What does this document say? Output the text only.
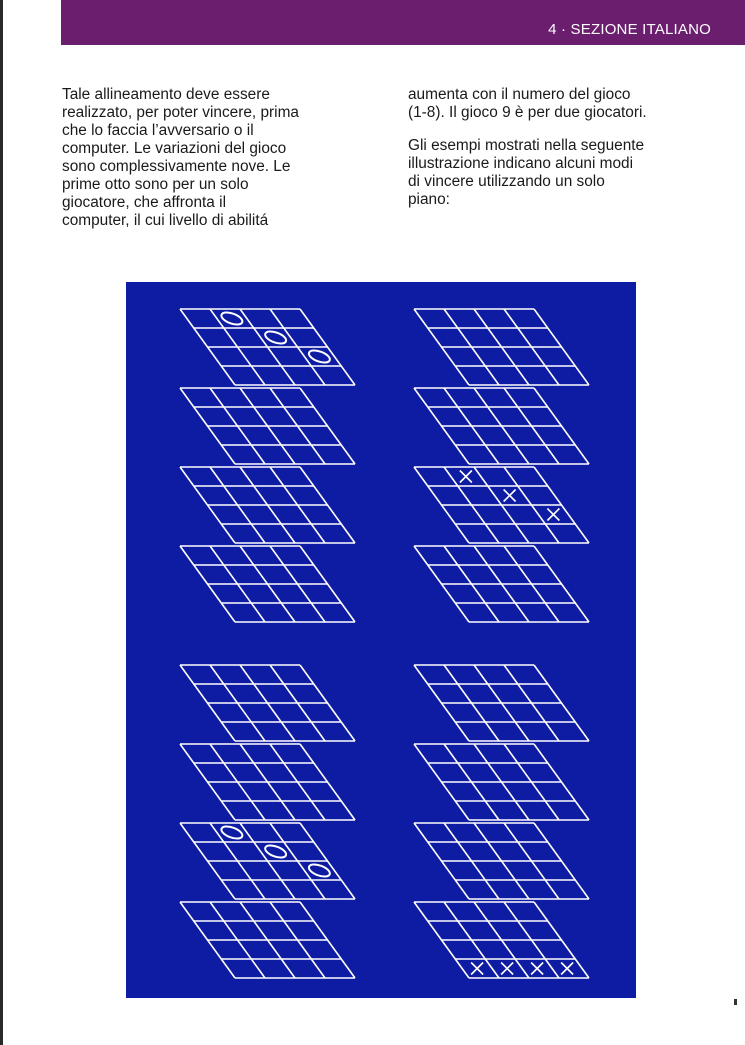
4 · SEZIONE ITALIANO

Tale allineamento deve essere
realizzato, per poter vincere, prima
che lo faccia l’avversario o il
computer. Le variazioni del gioco
sono complessivamente nove. Le
prime otto sono per un solo
giocatore, che affronta il
computer, il cui livello di abilitá

aumenta con il numero del gioco
(1-8). Il gioco 9 è per due giocatori.

Gli esempi mostrati nella seguente
illustrazione indicano alcuni modi
di vincere utilizzando un solo
piano:
